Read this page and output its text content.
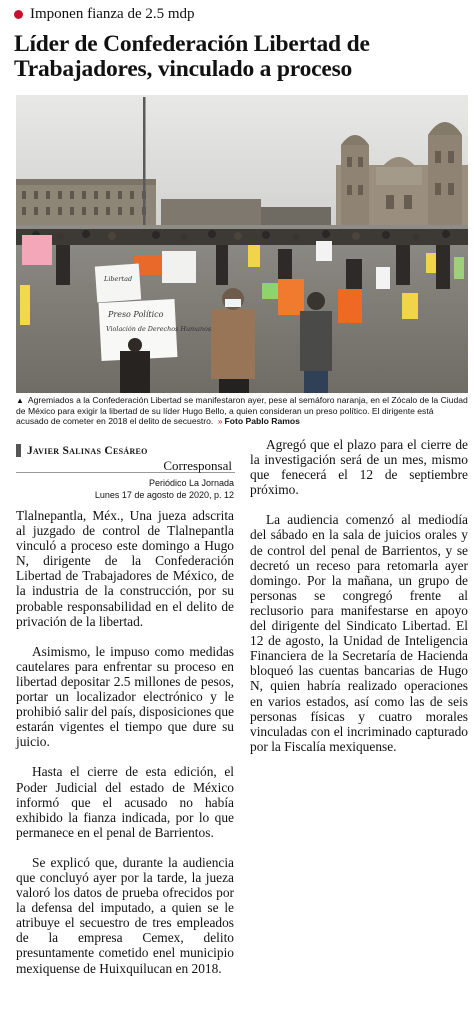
Imponen fianza de 2.5 mdp
Líder de Confederación Libertad de Trabajadores, vinculado a proceso
Preso Político
Violación de Derechos Humanos
Libertad
▲ Agremiados a la Confederación Libertad se manifestaron ayer, pese al semáforo naranja, en el Zócalo de la Ciudad de México para exigir la libertad de su líder Hugo Bello, a quien consideran un preso político. El dirigente está acusado de cometer en 2018 el delito de secuestro. » Foto Pablo Ramos
Javier Salinas Cesáreo
Corresponsal
Periódico La Jornada
Lunes 17 de agosto de 2020, p. 12

Tlalnepantla, Méx., Una jueza adscrita al juzgado de control de Tlalnepantla vinculó a proceso este domingo a Hugo N, dirigente de la Confederación Libertad de Trabajadores de México, de la industria de la construcción, por su probable responsabilidad en el delito de privación de la libertad.

Asimismo, le impuso como medidas cautelares para enfrentar su proceso en libertad depositar 2.5 millones de pesos, portar un localizador electrónico y le prohibió salir del país, disposiciones que estarán vigentes el tiempo que dure su juicio.

Hasta el cierre de esta edición, el Poder Judicial del estado de México informó que el acusado no había exhibido la fianza indicada, por lo que permanece en el penal de Barrientos.

Se explicó que, durante la audiencia que concluyó ayer por la tarde, la jueza valoró los datos de prueba ofrecidos por la defensa del imputado, a quien se le atribuye el secuestro de tres empleados de la empresa Cemex, delito presuntamente cometido enel municipio mexiquense de Huixquilucan en 2018.

Agregó que el plazo para el cierre de la investigación será de un mes, mismo que fenecerá el 12 de septiembre próximo.

La audiencia comenzó al mediodía del sábado en la sala de juicios orales y de control del penal de Barrientos, y se decretó un receso para retomarla ayer domingo. Por la mañana, un grupo de personas se congregó frente al reclusorio para manifestarse en apoyo del dirigente del Sindicato Libertad. El 12 de agosto, la Unidad de Inteligencia Financiera de la Secretaría de Hacienda bloqueó las cuentas bancarias de Hugo N, quien habría realizado operaciones en varios estados, así como las de seis personas físicas y cuatro morales vinculadas con el incriminado capturado por la Fiscalía mexiquense.
